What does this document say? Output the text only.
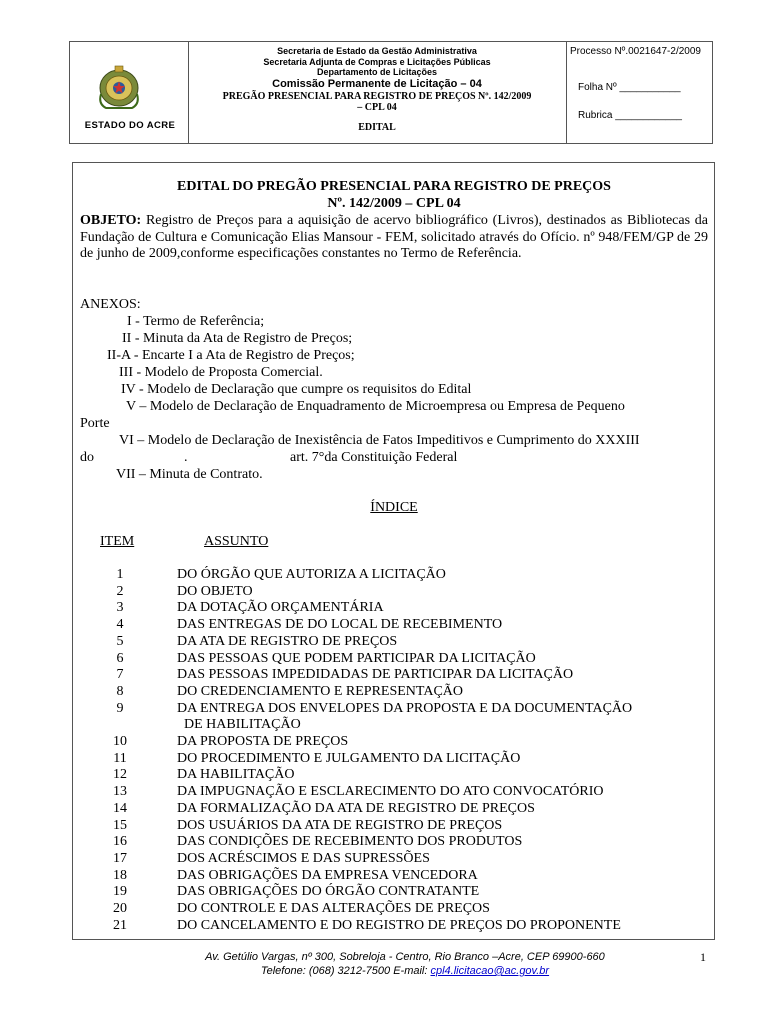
ESTADO DO ACRE
Secretaria de Estado da Gestão Administrativa
Secretaria Adjunta de Compras e Licitações Públicas
Departamento de Licitações
Comissão Permanente de Licitação – 04
PREGÃO PRESENCIAL PARA REGISTRO DE PREÇOS Nº. 142/2009
– CPL 04
EDITAL
Processo Nº.0021647-2/2009
Folha Nº ___________
Rubrica ____________
EDITAL DO PREGÃO PRESENCIAL PARA REGISTRO DE PREÇOS
Nº. 142/2009 – CPL 04
OBJETO: Registro de Preços para a aquisição de acervo bibliográfico (Livros), destinados as Bibliotecas da Fundação de Cultura e Comunicação Elias Mansour - FEM, solicitado através do Ofício. nº 948/FEM/GP de 29 de junho de 2009,conforme especificações constantes no Termo de Referência.
ANEXOS:
I - Termo de Referência;
II - Minuta da Ata de Registro de Preços;
II-A - Encarte I a Ata de Registro de Preços;
III - Modelo de Proposta Comercial.
IV - Modelo de Declaração que cumpre os requisitos do Edital
V – Modelo de Declaração de Enquadramento de Microempresa ou Empresa de Pequeno
Porte
VI – Modelo de Declaração de Inexistência de Fatos Impeditivos e Cumprimento do XXXIII
do	.	art. 7°da Constituição Federal
VII – Minuta de Contrato.
ÍNDICE
ITEM	ASSUNTO
1	DO ÓRGÃO QUE AUTORIZA A LICITAÇÃO
2	DO OBJETO
3	DA DOTAÇÃO ORÇAMENTÁRIA
4	DAS ENTREGAS DE DO LOCAL DE RECEBIMENTO
5	DA ATA DE REGISTRO DE PREÇOS
6	DAS PESSOAS QUE PODEM PARTICIPAR DA LICITAÇÃO
7	DAS PESSOAS IMPEDIDADAS DE PARTICIPAR DA LICITAÇÃO
8	DO CREDENCIAMENTO E REPRESENTAÇÃO
9	DA ENTREGA DOS ENVELOPES DA PROPOSTA E DA DOCUMENTAÇÃO
DE HABILITAÇÃO
10	DA PROPOSTA DE PREÇOS
11	DO PROCEDIMENTO E JULGAMENTO DA LICITAÇÃO
12	DA HABILITAÇÃO
13	DA IMPUGNAÇÃO E ESCLARECIMENTO DO ATO CONVOCATÓRIO
14	DA FORMALIZAÇÃO DA ATA DE REGISTRO DE PREÇOS
15	DOS USUÁRIOS DA ATA DE REGISTRO DE PREÇOS
16	DAS CONDIÇÕES DE RECEBIMENTO DOS PRODUTOS
17	DOS ACRÉSCIMOS E DAS SUPRESSÕES
18	DAS OBRIGAÇÕES DA EMPRESA VENCEDORA
19	DAS OBRIGAÇÕES DO ÓRGÃO CONTRATANTE
20	DO CONTROLE E DAS ALTERAÇÕES DE PREÇOS
21	DO CANCELAMENTO E DO REGISTRO DE PREÇOS DO PROPONENTE
Av. Getúlio Vargas, nº 300, Sobreloja - Centro, Rio Branco –Acre, CEP 69900-660
Telefone: (068) 3212-7500 E-mail: cpl4.licitacao@ac.gov.br
1
